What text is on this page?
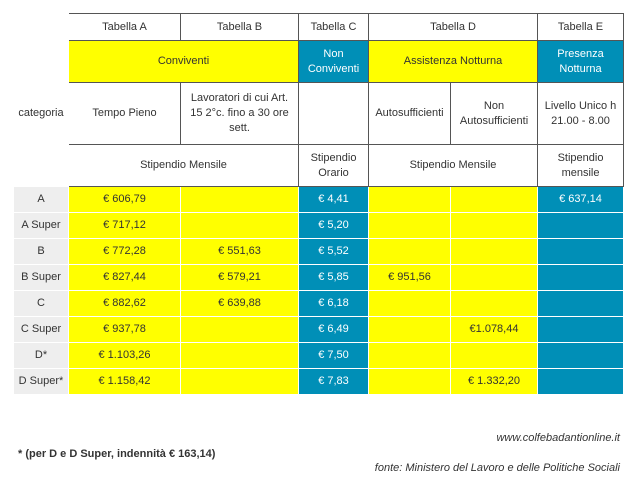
	Tabella A	Tabella B	Tabella C	Tabella D		Tabella E
categoria	Conviventi		Non Conviventi	Assistenza Notturna		Presenza Notturna
	Tempo Pieno	Lavoratori di cui Art. 15 2°c. fino a 30 ore sett.		Autosufficienti	Non Autosufficienti	Livello Unico h 21.00 - 8.00
	Stipendio Mensile		Stipendio Orario	Stipendio Mensile		Stipendio mensile
A	€ 606,79		€ 4,41			€ 637,14
A Super	€ 717,12		€ 5,20			
B	€ 772,28	€ 551,63	€ 5,52			
B Super	€ 827,44	€ 579,21	€ 5,85	€ 951,56		
C	€ 882,62	€ 639,88	€ 6,18			
C Super	€ 937,78		€ 6,49		€1.078,44	
D*	€ 1.103,26		€ 7,50			
D Super*	€ 1.158,42		€ 7,83		€ 1.332,20	
www.colfebadantionline.it
* (per D e D Super, indennità € 163,14)
fonte: Ministero del Lavoro e delle Politiche Sociali
